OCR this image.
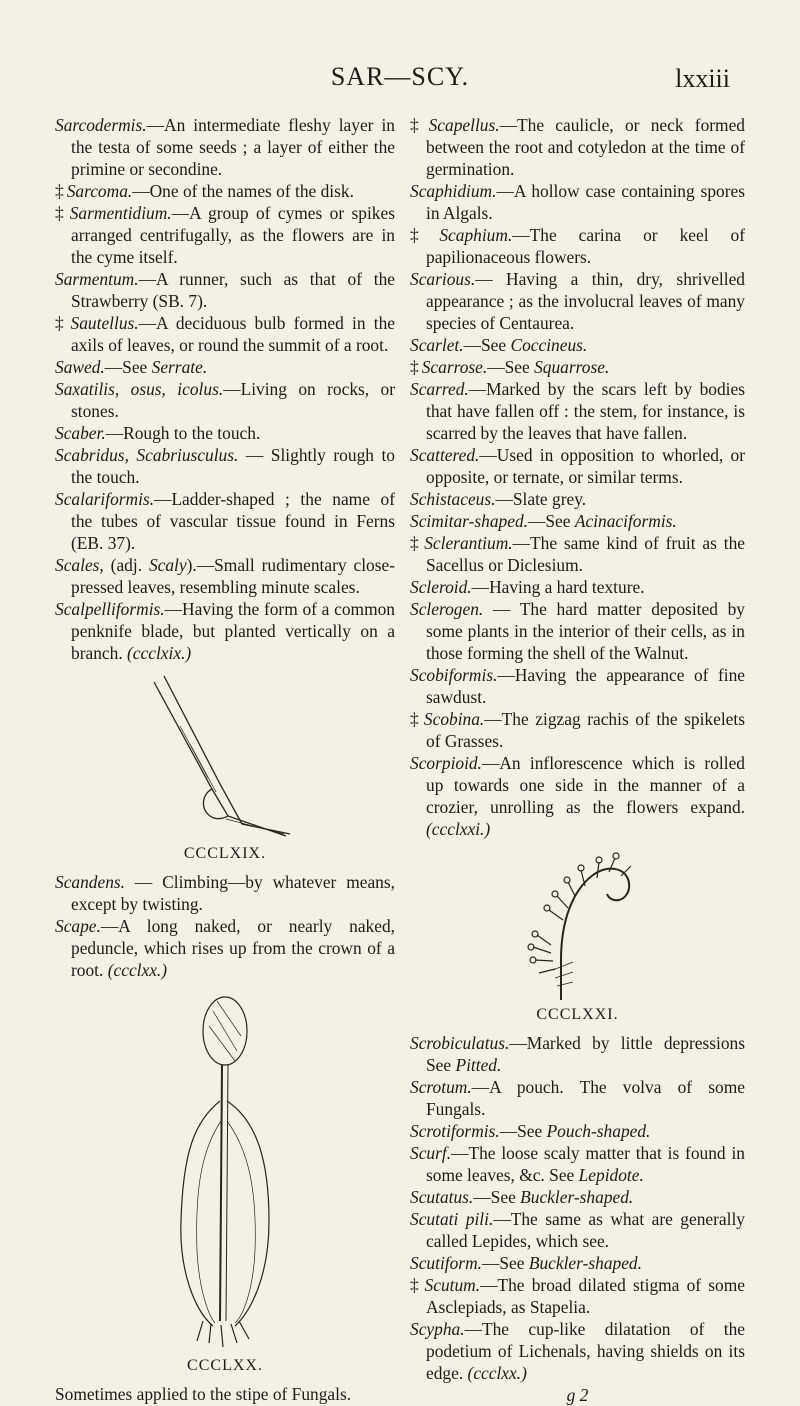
SAR—SCY.	lxxiii

Sarcodermis.—An intermediate fleshy layer in the testa of some seeds ; a layer of either the primine or secondine.

‡ Sarcoma.—One of the names of the disk.

‡ Sarmentidium.—A group of cymes or spikes arranged centrifugally, as the flowers are in the cyme itself.

Sarmentum.—A runner, such as that of the Strawberry (SB. 7).

‡ Sautellus.—A deciduous bulb formed in the axils of leaves, or round the summit of a root.

Sawed.—See Serrate.

Saxatilis, osus, icolus.—Living on rocks, or stones.

Scaber.—Rough to the touch.

Scabridus, Scabriusculus. — Slightly rough to the touch.

Scalariformis.—Ladder-shaped ; the name of the tubes of vascular tissue found in Ferns (EB. 37).

Scales, (adj. Scaly).—Small rudimentary close-pressed leaves, resembling minute scales.

Scalpelliformis.—Having the form of a common penknife blade, but planted vertically on a branch. (ccclxix.)

CCCLXIX.

Scandens. — Climbing—by whatever means, except by twisting.

Scape.—A long naked, or nearly naked, peduncle, which rises up from the crown of a root. (ccclxx.)

CCCLXX.

Sometimes applied to the stipe of Fungals.

‡ Scapellus.—The caulicle, or neck formed between the root and cotyledon at the time of germination.

Scaphidium.—A hollow case containing spores in Algals.

‡ Scaphium.—The carina or keel of papilionaceous flowers.

Scarious.— Having a thin, dry, shrivelled appearance ; as the involucral leaves of many species of Centaurea.

Scarlet.—See Coccineus.

‡ Scarrose.—See Squarrose.

Scarred.—Marked by the scars left by bodies that have fallen off : the stem, for instance, is scarred by the leaves that have fallen.

Scattered.—Used in opposition to whorled, or opposite, or ternate, or similar terms.

Schistaceus.—Slate grey.

Scimitar-shaped.—See Acinaciformis.

‡ Sclerantium.—The same kind of fruit as the Sacellus or Diclesium.

Scleroid.—Having a hard texture.

Sclerogen. — The hard matter deposited by some plants in the interior of their cells, as in those forming the shell of the Walnut.

Scobiformis.—Having the appearance of fine sawdust.

‡ Scobina.—The zigzag rachis of the spikelets of Grasses.

Scorpioid.—An inflorescence which is rolled up towards one side in the manner of a crozier, unrolling as the flowers expand. (ccclxxi.)

CCCLXXI.

Scrobiculatus.—Marked by little depressions See Pitted.

Scrotum.—A pouch. The volva of some Fungals.

Scrotiformis.—See Pouch-shaped.

Scurf.—The loose scaly matter that is found in some leaves, &c. See Lepidote.

Scutatus.—See Buckler-shaped.

Scutati pili.—The same as what are generally called Lepides, which see.

Scutiform.—See Buckler-shaped.

‡ Scutum.—The broad dilated stigma of some Asclepiads, as Stapelia.

Scypha.—The cup-like dilatation of the podetium of Lichenals, having shields on its edge. (ccclxx.)

g 2
